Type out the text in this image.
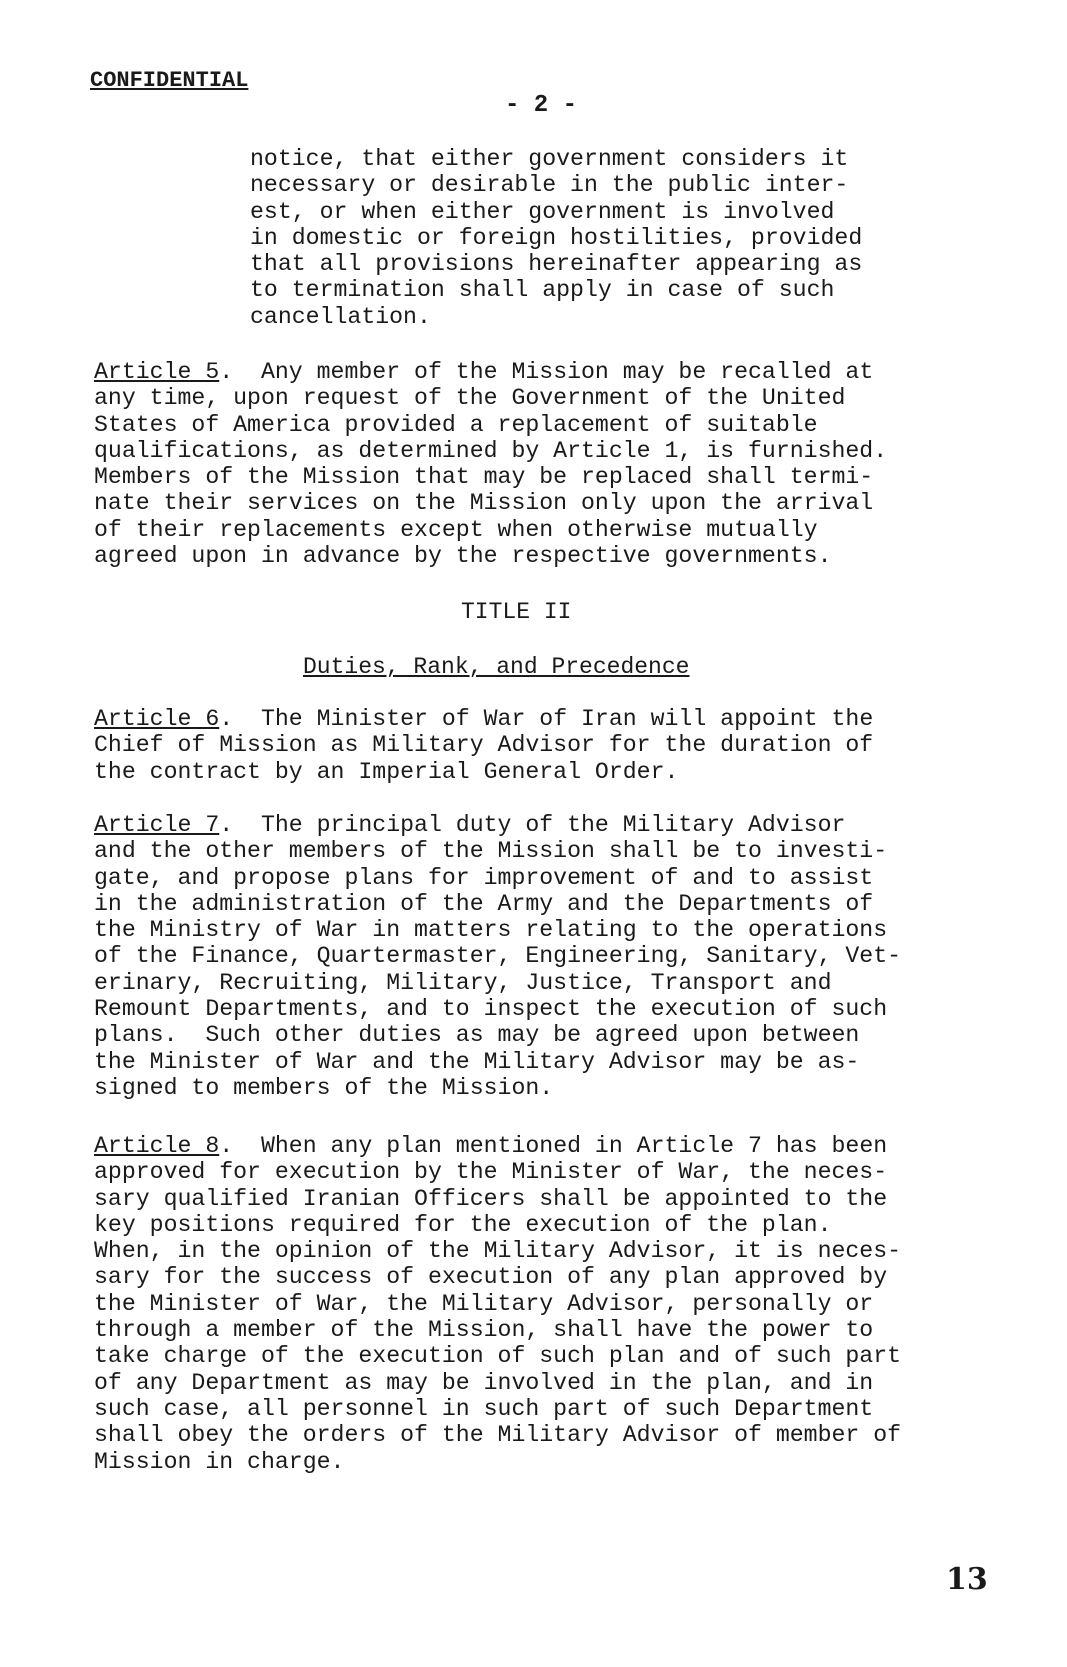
CONFIDENTIAL
- 2 -
notice, that either government considers it
necessary or desirable in the public inter-
est, or when either government is involved
in domestic or foreign hostilities, provided
that all provisions hereinafter appearing as
to termination shall apply in case of such
cancellation.
Article 5.  Any member of the Mission may be recalled at
any time, upon request of the Government of the United
States of America provided a replacement of suitable
qualifications, as determined by Article 1, is furnished.
Members of the Mission that may be replaced shall termi-
nate their services on the Mission only upon the arrival
of their replacements except when otherwise mutually
agreed upon in advance by the respective governments.
TITLE II
Duties, Rank, and Precedence
Article 6.  The Minister of War of Iran will appoint the
Chief of Mission as Military Advisor for the duration of
the contract by an Imperial General Order.
Article 7.  The principal duty of the Military Advisor
and the other members of the Mission shall be to investi-
gate, and propose plans for improvement of and to assist
in the administration of the Army and the Departments of
the Ministry of War in matters relating to the operations
of the Finance, Quartermaster, Engineering, Sanitary, Vet-
erinary, Recruiting, Military, Justice, Transport and
Remount Departments, and to inspect the execution of such
plans.  Such other duties as may be agreed upon between
the Minister of War and the Military Advisor may be as-
signed to members of the Mission.
Article 8.  When any plan mentioned in Article 7 has been
approved for execution by the Minister of War, the neces-
sary qualified Iranian Officers shall be appointed to the
key positions required for the execution of the plan.
When, in the opinion of the Military Advisor, it is neces-
sary for the success of execution of any plan approved by
the Minister of War, the Military Advisor, personally or
through a member of the Mission, shall have the power to
take charge of the execution of such plan and of such part
of any Department as may be involved in the plan, and in
such case, all personnel in such part of such Department
shall obey the orders of the Military Advisor of member of
Mission in charge.
13
